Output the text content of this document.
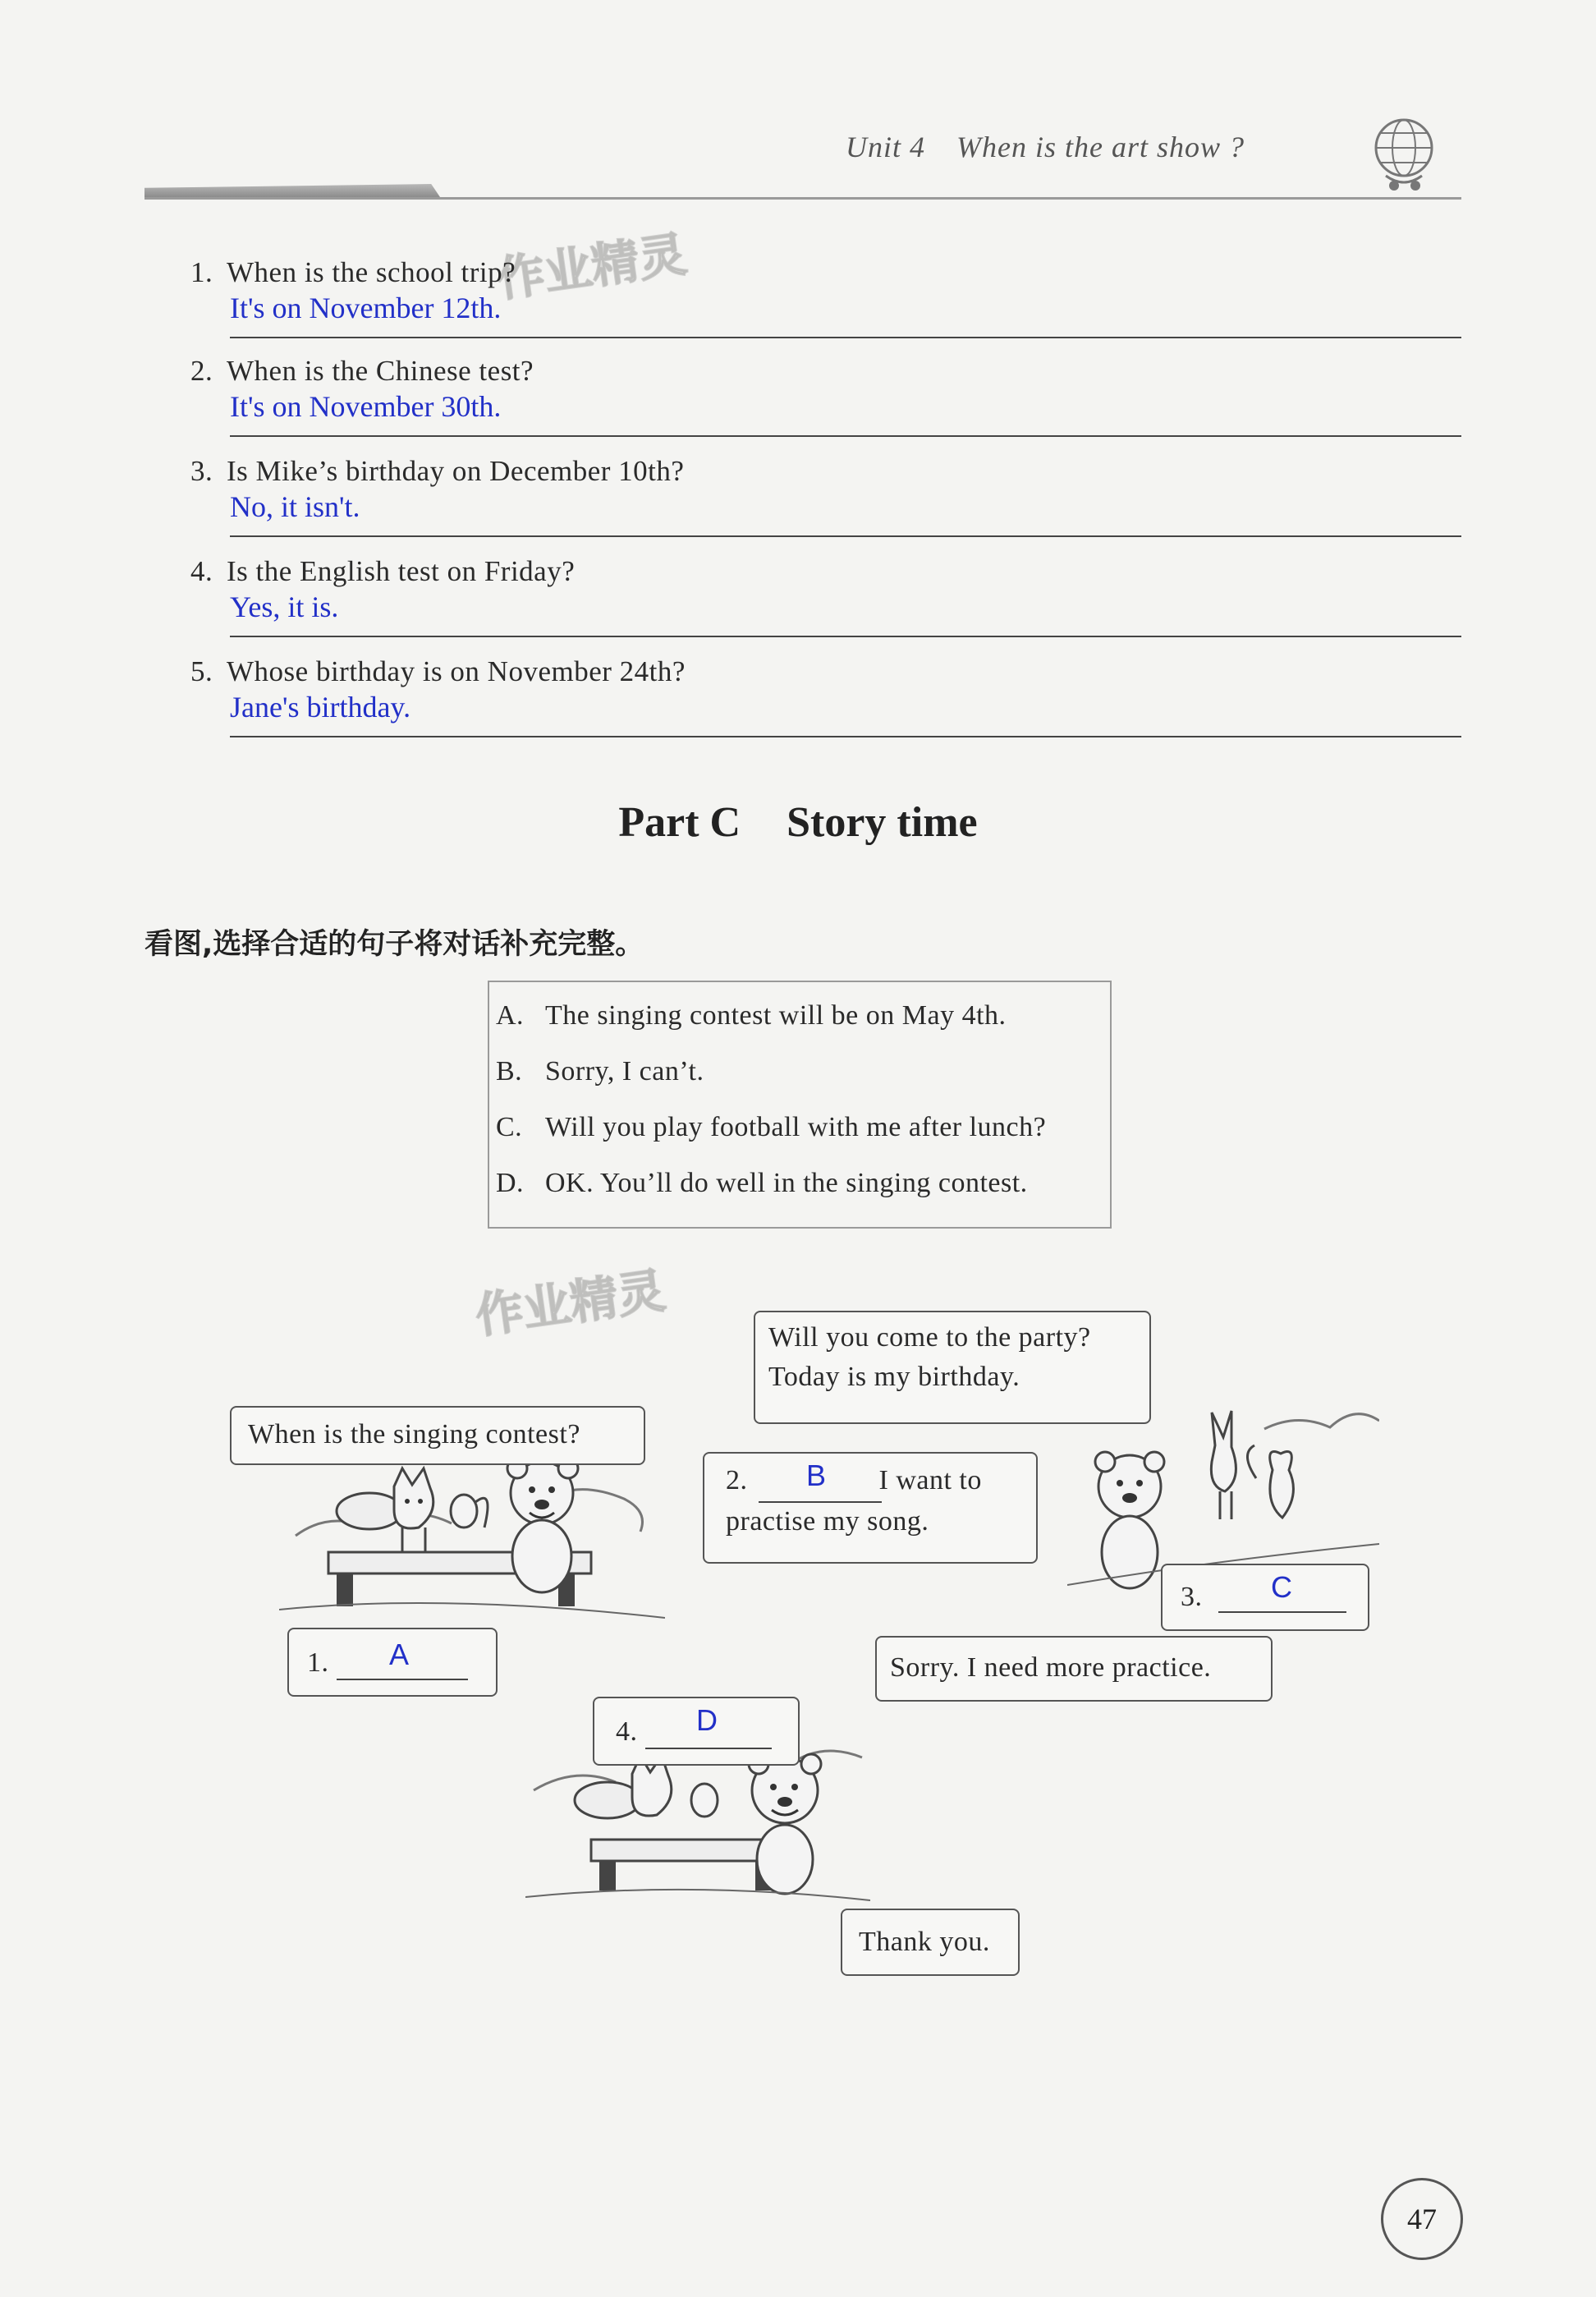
Unit 4 When is the art show ?
作业精灵
1. When is the school trip?
It's on November 12th.
2. When is the Chinese test?
It's on November 30th.
3. Is Mike’s birthday on December 10th?
No, it isn't.
4. Is the English test on Friday?
Yes, it is.
5. Whose birthday is on November 24th?
Jane's birthday.
Part C Story time
看图,选择合适的句子将对话补充完整。
A. The singing contest will be on May 4th.
B. Sorry, I can’t.
C. Will you play football with me after lunch?
D. OK. You’ll do well in the singing contest.
作业精灵	Will you come to the party?
Today is my birthday.
When is the singing contest?
2.	I want to
practise my song.
B
1.	A
3.	C
Sorry. I need more practice.
4.	D
Thank you.
47
